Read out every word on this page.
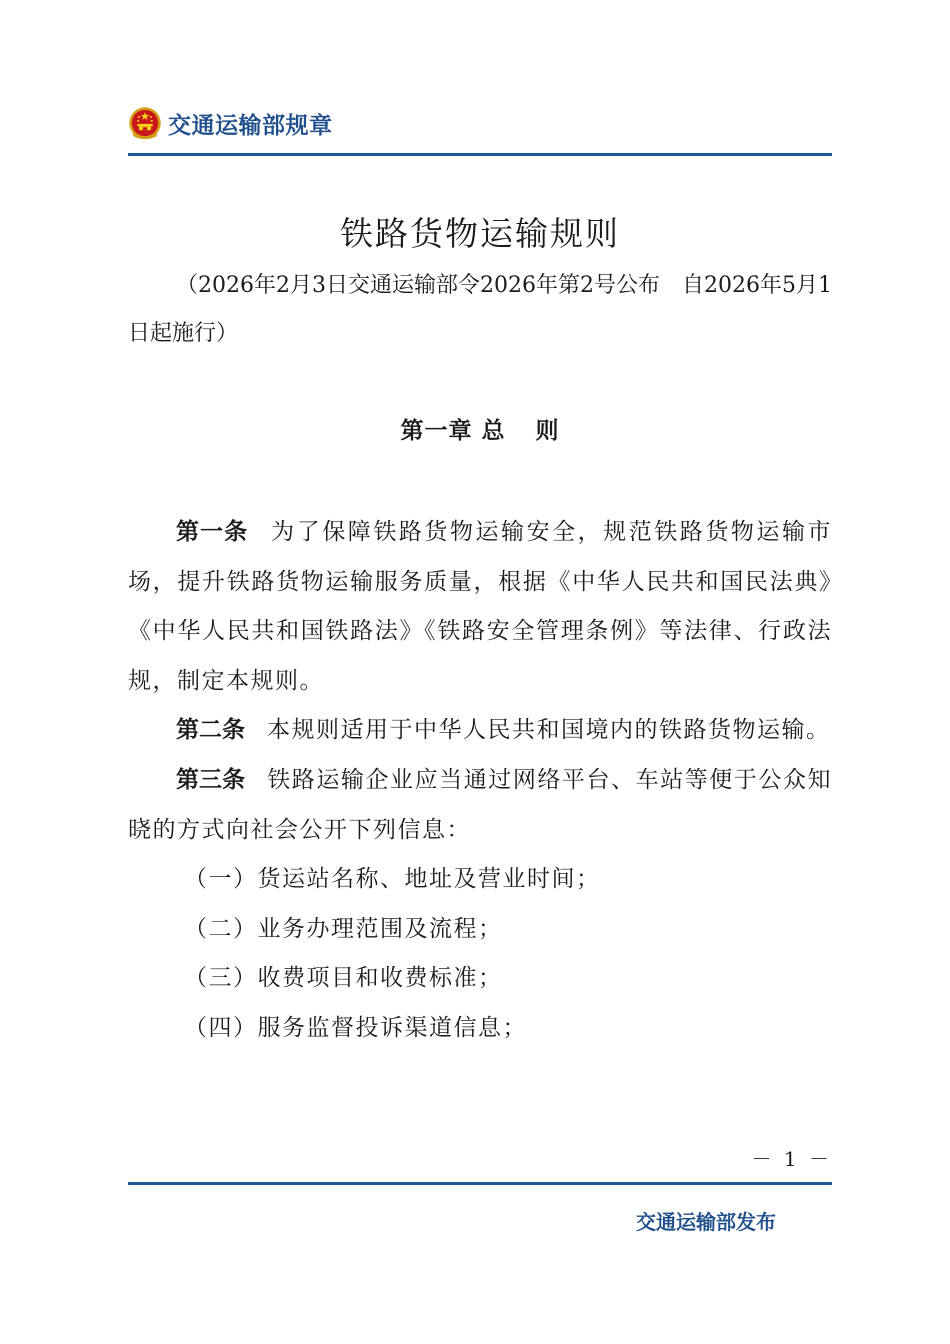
交通运输部规章
铁路货物运输规则
（2026年2月3日交通运输部令2026年第2号公布　自2026年5月1日起施行）
第一章 总 则

第一条 为了保障铁路货物运输安全，规范铁路货物运输市场，提升铁路货物运输服务质量，根据《中华人民共和国民法典》《中华人民共和国铁路法》《铁路安全管理条例》等法律、行政法规，制定本规则。

第二条 本规则适用于中华人民共和国境内的铁路货物运输。

第三条 铁路运输企业应当通过网络平台、车站等便于公众知晓的方式向社会公开下列信息：

（一）货运站名称、地址及营业时间；

（二）业务办理范围及流程；

（三）收费项目和收费标准；

（四）服务监督投诉渠道信息；

－ 1 －
交通运输部发布
